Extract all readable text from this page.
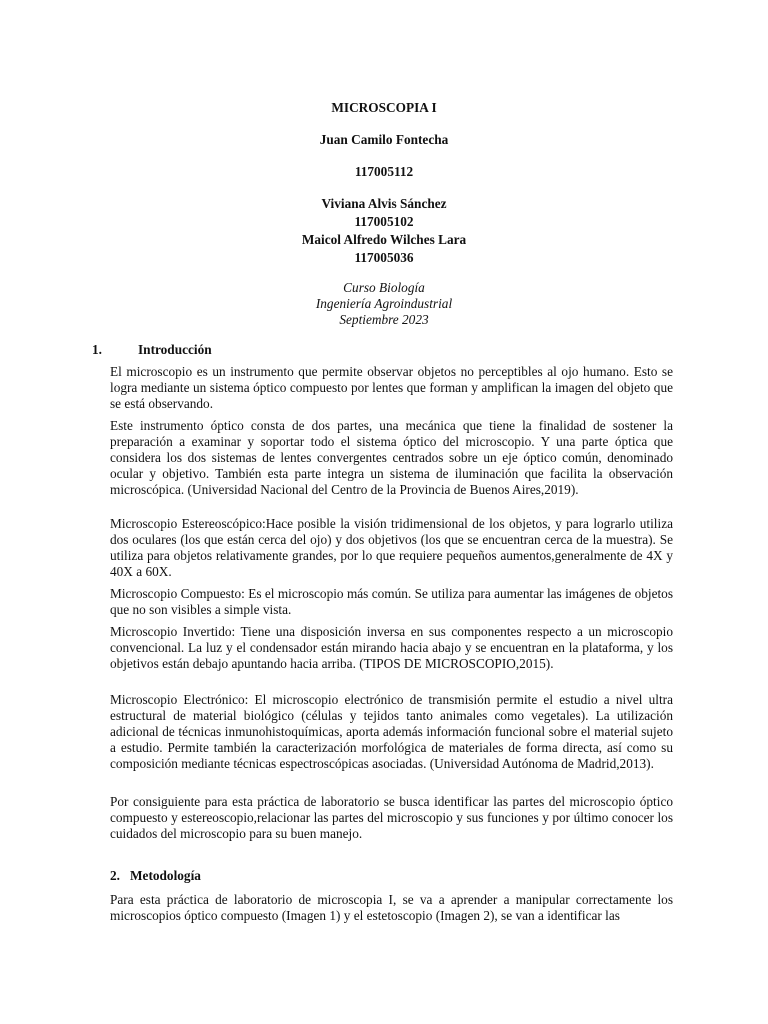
MICROSCOPIA I
Juan Camilo Fontecha
117005112
Viviana Alvis Sánchez
117005102
Maicol Alfredo Wilches Lara
117005036
Curso Biología
Ingeniería Agroindustrial
Septiembre 2023
1.	Introducción

El microscopio es un instrumento que permite observar objetos no perceptibles al ojo humano. Esto se logra mediante un sistema óptico compuesto por lentes que forman y amplifican la imagen del objeto que se está observando.

Este instrumento óptico consta de dos partes, una mecánica que tiene la finalidad de sostener la preparación a examinar y soportar todo el sistema óptico del microscopio. Y una parte óptica que considera los dos sistemas de lentes convergentes centrados sobre un eje óptico común, denominado ocular y objetivo. También esta parte integra un sistema de iluminación que facilita la observación microscópica. (Universidad Nacional del Centro de la Provincia de Buenos Aires,2019).

Microscopio Estereoscópico:Hace posible la visión tridimensional de los objetos, y para lograrlo utiliza dos oculares (los que están cerca del ojo) y dos objetivos (los que se encuentran cerca de la muestra). Se utiliza para objetos relativamente grandes, por lo que requiere pequeños aumentos,generalmente de 4X y 40X a 60X.

Microscopio Compuesto: Es el microscopio más común. Se utiliza para aumentar las imágenes de objetos que no son visibles a simple vista.

Microscopio Invertido: Tiene una disposición inversa en sus componentes respecto a un microscopio convencional. La luz y el condensador están mirando hacia abajo y se encuentran en la plataforma, y los objetivos están debajo apuntando hacia arriba. (TIPOS DE MICROSCOPIO,2015).

Microscopio Electrónico: El microscopio electrónico de transmisión permite el estudio a nivel ultra estructural de material biológico (células y tejidos tanto animales como vegetales). La utilización adicional de técnicas inmunohistoquímicas, aporta además información funcional sobre el material sujeto a estudio. Permite también la caracterización morfológica de materiales de forma directa, así como su composición mediante técnicas espectroscópicas asociadas. (Universidad Autónoma de Madrid,2013).

Por consiguiente para esta práctica de laboratorio se busca identificar las partes del microscopio óptico compuesto y estereoscopio,relacionar las partes del microscopio y sus funciones y por último conocer los cuidados del microscopio para su buen manejo.

2. Metodología

Para esta práctica de laboratorio de microscopia I, se va a aprender a manipular correctamente los microscopios óptico compuesto (Imagen 1) y el estetoscopio (Imagen 2), se van a identificar las
